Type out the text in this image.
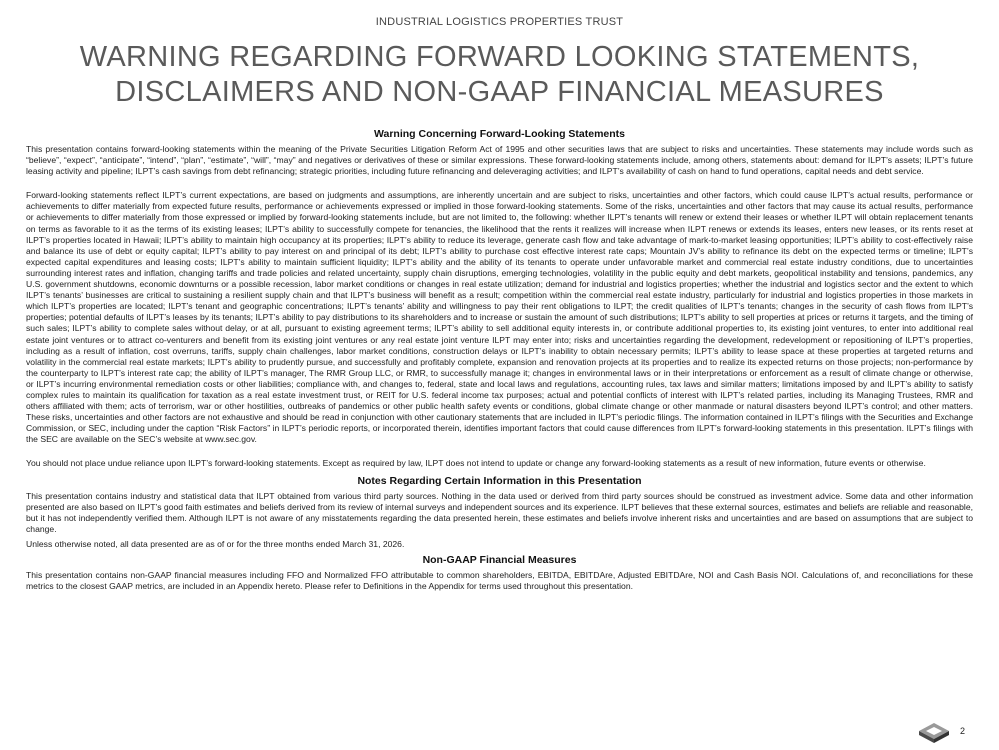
INDUSTRIAL LOGISTICS PROPERTIES TRUST
WARNING REGARDING FORWARD LOOKING STATEMENTS, DISCLAIMERS AND NON-GAAP FINANCIAL MEASURES
Warning Concerning Forward-Looking Statements

This presentation contains forward-looking statements within the meaning of the Private Securities Litigation Reform Act of 1995 and other securities laws that are subject to risks and uncertainties. These statements may include words such as “believe”, “expect”, “anticipate”, “intend”, “plan”, “estimate”, “will”, “may” and negatives or derivatives of these or similar expressions. These forward-looking statements include, among others, statements about: demand for ILPT’s assets; ILPT’s future leasing activity and pipeline; ILPT’s cash savings from debt refinancing; strategic priorities, including future refinancing and deleveraging activities; and ILPT’s availability of cash on hand to fund operations, capital needs and debt service.

Forward-looking statements reflect ILPT’s current expectations, are based on judgments and assumptions, are inherently uncertain and are subject to risks, uncertainties and other factors, which could cause ILPT’s actual results, performance or achievements to differ materially from expected future results, performance or achievements expressed or implied in those forward-looking statements. Some of the risks, uncertainties and other factors that may cause its actual results, performance or achievements to differ materially from those expressed or implied by forward-looking statements include, but are not limited to, the following: whether ILPT’s tenants will renew or extend their leases or whether ILPT will obtain replacement tenants on terms as favorable to it as the terms of its existing leases; ILPT’s ability to successfully compete for tenancies, the likelihood that the rents it realizes will increase when ILPT renews or extends its leases, enters new leases, or its rents reset at ILPT’s properties located in Hawaii; ILPT’s ability to maintain high occupancy at its properties; ILPT’s ability to reduce its leverage, generate cash flow and take advantage of mark-to-market leasing opportunities; ILPT’s ability to cost-effectively raise and balance its use of debt or equity capital; ILPT’s ability to pay interest on and principal of its debt; ILPT’s ability to purchase cost effective interest rate caps; Mountain JV’s ability to refinance its debt on the expected terms or timeline; ILPT’s expected capital expenditures and leasing costs; ILPT’s ability to maintain sufficient liquidity; ILPT’s ability and the ability of its tenants to operate under unfavorable market and commercial real estate industry conditions, due to uncertainties surrounding interest rates and inflation, changing tariffs and trade policies and related uncertainty, supply chain disruptions, emerging technologies, volatility in the public equity and debt markets, geopolitical instability and tensions, pandemics, any U.S. government shutdowns, economic downturns or a possible recession, labor market conditions or changes in real estate utilization; demand for industrial and logistics properties; whether the industrial and logistics sector and the extent to which ILPT’s tenants’ businesses are critical to sustaining a resilient supply chain and that ILPT’s business will benefit as a result; competition within the commercial real estate industry, particularly for industrial and logistics properties in those markets in which ILPT’s properties are located; ILPT’s tenant and geographic concentrations; ILPT’s tenants’ ability and willingness to pay their rent obligations to ILPT; the credit qualities of ILPT’s tenants; changes in the security of cash flows from ILPT’s properties; potential defaults of ILPT’s leases by its tenants; ILPT’s ability to pay distributions to its shareholders and to increase or sustain the amount of such distributions; ILPT’s ability to sell properties at prices or returns it targets, and the timing of such sales; ILPT’s ability to complete sales without delay, or at all, pursuant to existing agreement terms; ILPT’s ability to sell additional equity interests in, or contribute additional properties to, its existing joint ventures, to enter into additional real estate joint ventures or to attract co-venturers and benefit from its existing joint ventures or any real estate joint venture ILPT may enter into; risks and uncertainties regarding the development, redevelopment or repositioning of ILPT’s properties, including as a result of inflation, cost overruns, tariffs, supply chain challenges, labor market conditions, construction delays or ILPT’s inability to obtain necessary permits; ILPT’s ability to lease space at these properties at targeted returns and volatility in the commercial real estate markets; ILPT’s ability to prudently pursue, and successfully and profitably complete, expansion and renovation projects at its properties and to realize its expected returns on those projects; non-performance by the counterparty to ILPT’s interest rate cap; the ability of ILPT’s manager, The RMR Group LLC, or RMR, to successfully manage it; changes in environmental laws or in their interpretations or enforcement as a result of climate change or otherwise, or ILPT’s incurring environmental remediation costs or other liabilities; compliance with, and changes to, federal, state and local laws and regulations, accounting rules, tax laws and similar matters; limitations imposed by and ILPT’s ability to satisfy complex rules to maintain its qualification for taxation as a real estate investment trust, or REIT for U.S. federal income tax purposes; actual and potential conflicts of interest with ILPT’s related parties, including its Managing Trustees, RMR and others affiliated with them; acts of terrorism, war or other hostilities, outbreaks of pandemics or other public health safety events or conditions, global climate change or other manmade or natural disasters beyond ILPT’s control; and other matters. These risks, uncertainties and other factors are not exhaustive and should be read in conjunction with other cautionary statements that are included in ILPT’s periodic filings. The information contained in ILPT’s filings with the Securities and Exchange Commission, or SEC, including under the caption “Risk Factors” in ILPT’s periodic reports, or incorporated therein, identifies important factors that could cause differences from ILPT’s forward-looking statements in this presentation. ILPT’s filings with the SEC are available on the SEC’s website at www.sec.gov.

You should not place undue reliance upon ILPT’s forward-looking statements. Except as required by law, ILPT does not intend to update or change any forward-looking statements as a result of new information, future events or otherwise.

Notes Regarding Certain Information in this Presentation

This presentation contains industry and statistical data that ILPT obtained from various third party sources. Nothing in the data used or derived from third party sources should be construed as investment advice. Some data and other information presented are also based on ILPT’s good faith estimates and beliefs derived from its review of internal surveys and independent sources and its experience. ILPT believes that these external sources, estimates and beliefs are reliable and reasonable, but it has not independently verified them. Although ILPT is not aware of any misstatements regarding the data presented herein, these estimates and beliefs involve inherent risks and uncertainties and are based on assumptions that are subject to change.

Unless otherwise noted, all data presented are as of or for the three months ended March 31, 2026.

Non-GAAP Financial Measures

This presentation contains non-GAAP financial measures including FFO and Normalized FFO attributable to common shareholders, EBITDA, EBITDAre, Adjusted EBITDAre, NOI and Cash Basis NOI. Calculations of, and reconciliations for these metrics to the closest GAAP metrics, are included in an Appendix hereto. Please refer to Definitions in the Appendix for terms used throughout this presentation.

2
